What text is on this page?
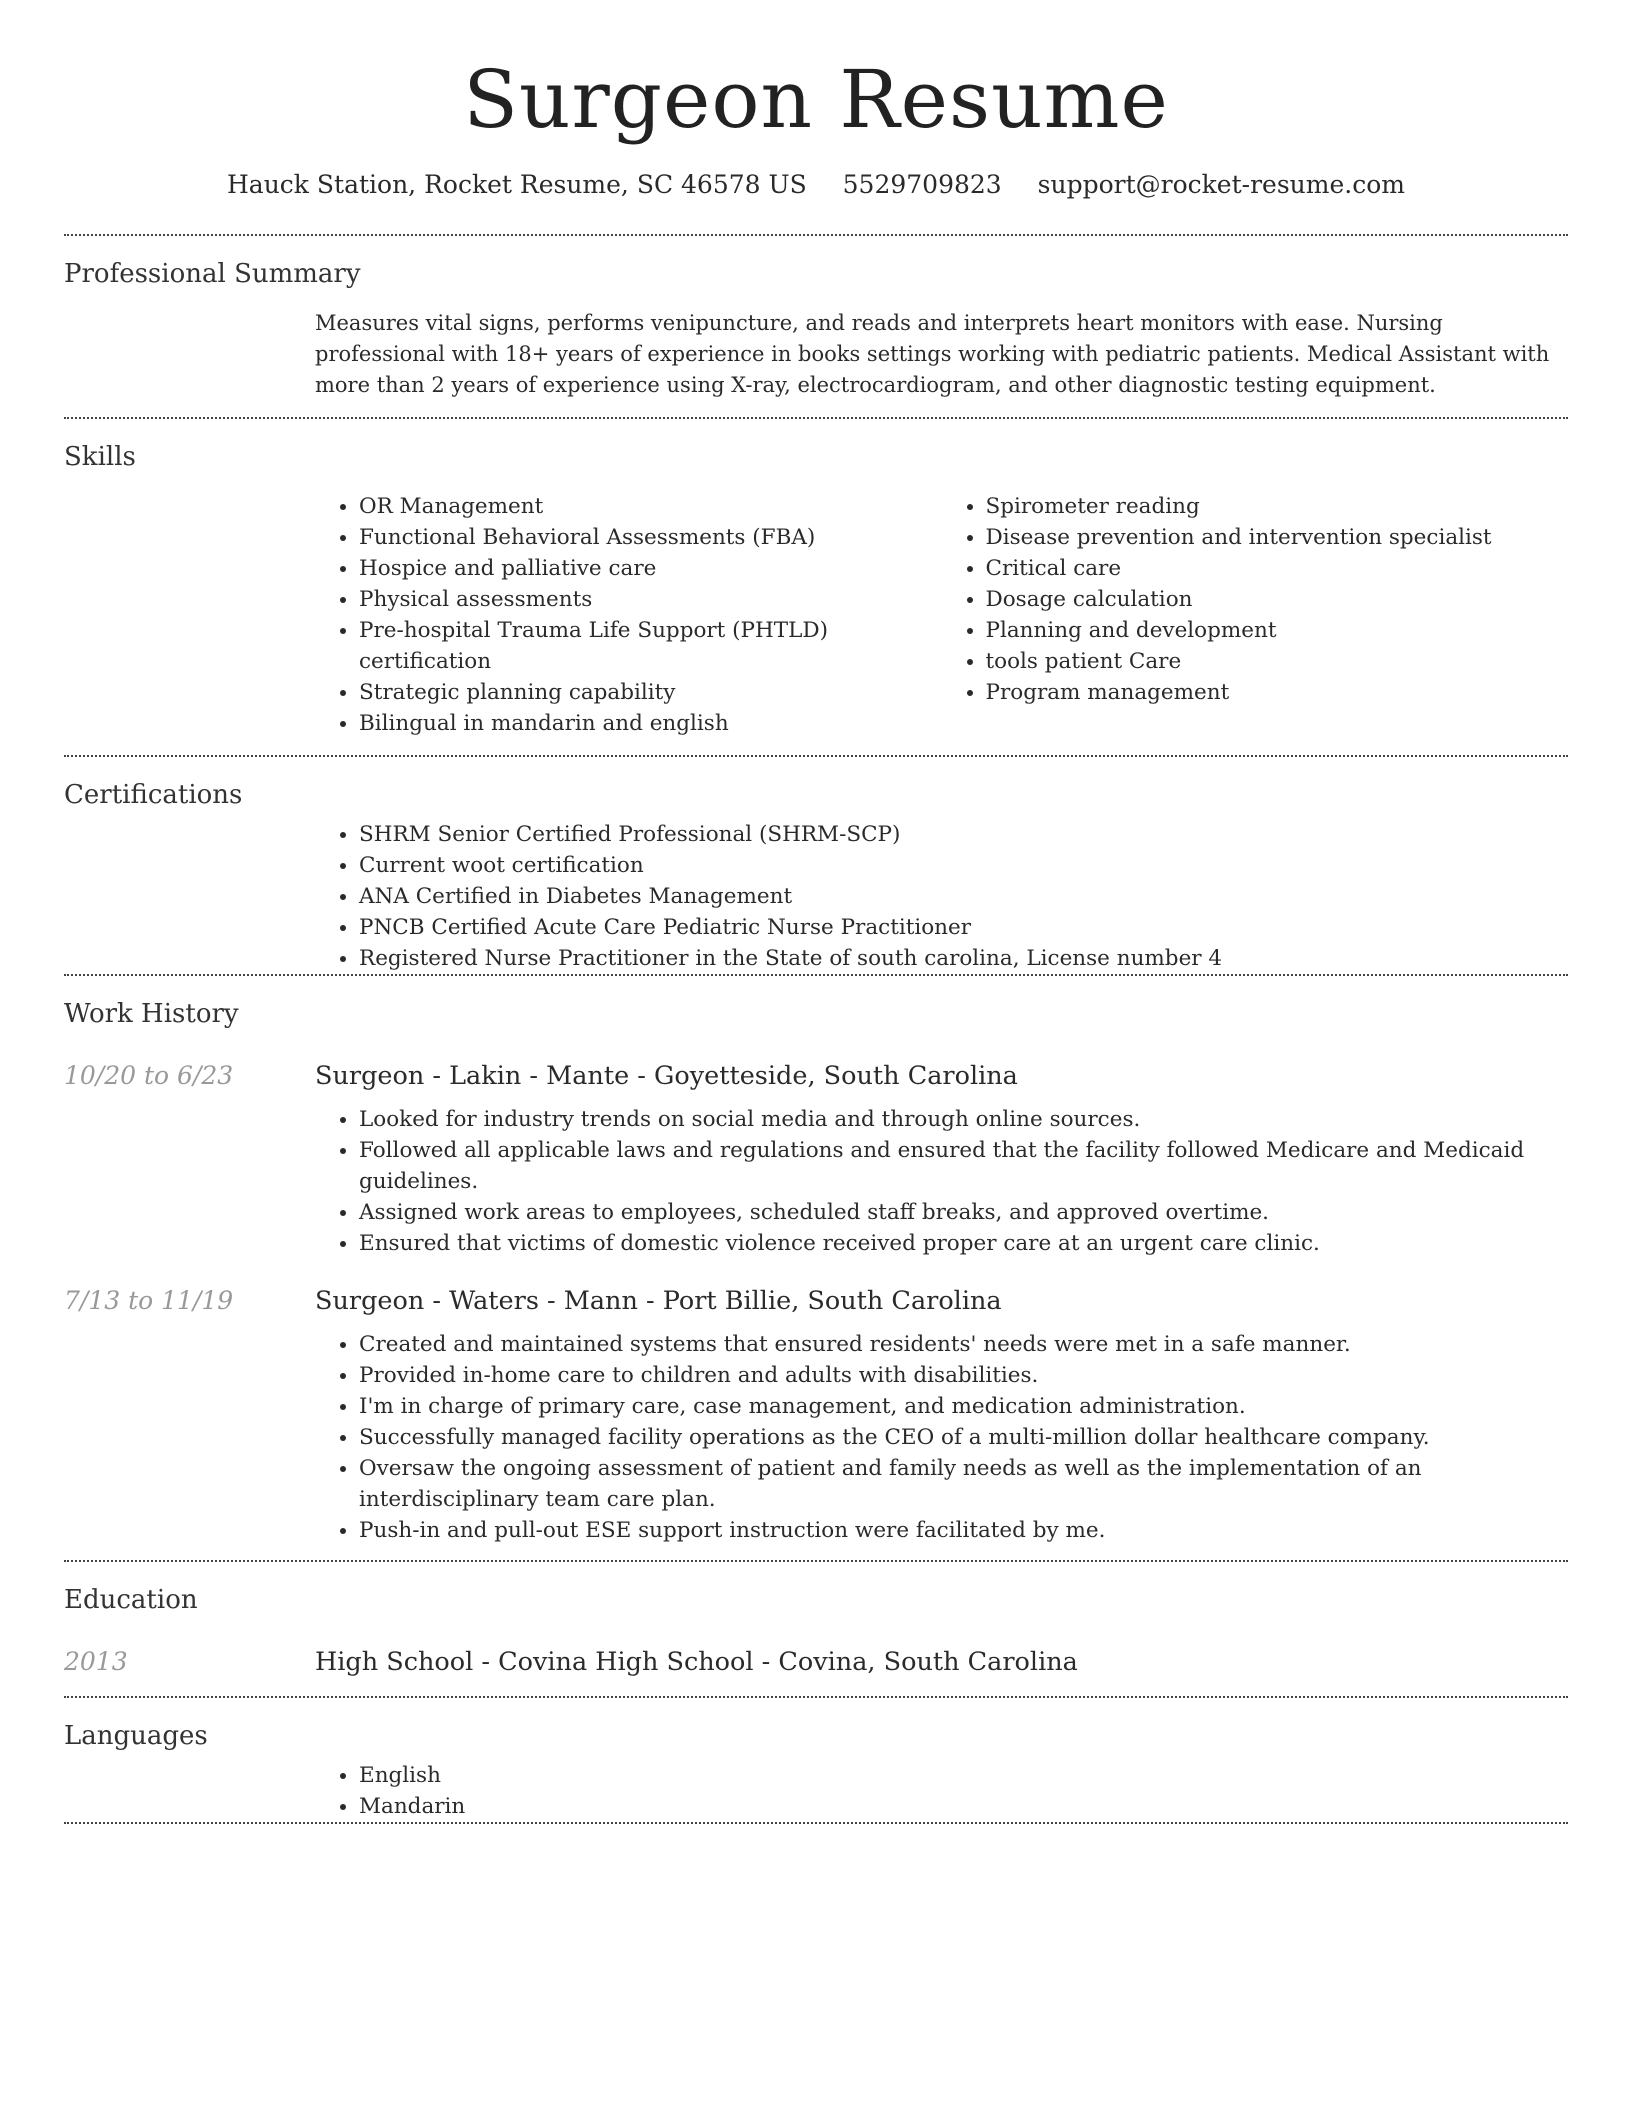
Surgeon Resume
Hauck Station, Rocket Resume, SC 46578 US 5529709823 support@rocket-resume.com
Professional Summary

Measures vital signs, performs venipuncture, and reads and interprets heart monitors with ease. Nursing professional with 18+ years of experience in books settings working with pediatric patients. Medical Assistant with more than 2 years of experience using X-ray, electrocardiogram, and other diagnostic testing equipment.

Skills
• OR Management
• Functional Behavioral Assessments (FBA)
• Hospice and palliative care
• Physical assessments
• Pre-hospital Trauma Life Support (PHTLD) certification
• Strategic planning capability
• Bilingual in mandarin and english
• Spirometer reading
• Disease prevention and intervention specialist
• Critical care
• Dosage calculation
• Planning and development
• tools patient Care
• Program management
Certifications
• SHRM Senior Certified Professional (SHRM-SCP)
• Current woot certification
• ANA Certified in Diabetes Management
• PNCB Certified Acute Care Pediatric Nurse Practitioner
• Registered Nurse Practitioner in the State of south carolina, License number 4
Work History
10/20 to 6/23	Surgeon - Lakin - Mante - Goyetteside, South Carolina
• Looked for industry trends on social media and through online sources.
• Followed all applicable laws and regulations and ensured that the facility followed Medicare and Medicaid guidelines.
• Assigned work areas to employees, scheduled staff breaks, and approved overtime.
• Ensured that victims of domestic violence received proper care at an urgent care clinic.
7/13 to 11/19	Surgeon - Waters - Mann - Port Billie, South Carolina
• Created and maintained systems that ensured residents' needs were met in a safe manner.
• Provided in-home care to children and adults with disabilities.
• I'm in charge of primary care, case management, and medication administration.
• Successfully managed facility operations as the CEO of a multi-million dollar healthcare company.
• Oversaw the ongoing assessment of patient and family needs as well as the implementation of an interdisciplinary team care plan.
• Push-in and pull-out ESE support instruction were facilitated by me.
Education
2013	High School - Covina High School - Covina, South Carolina
Languages
• English
• Mandarin
